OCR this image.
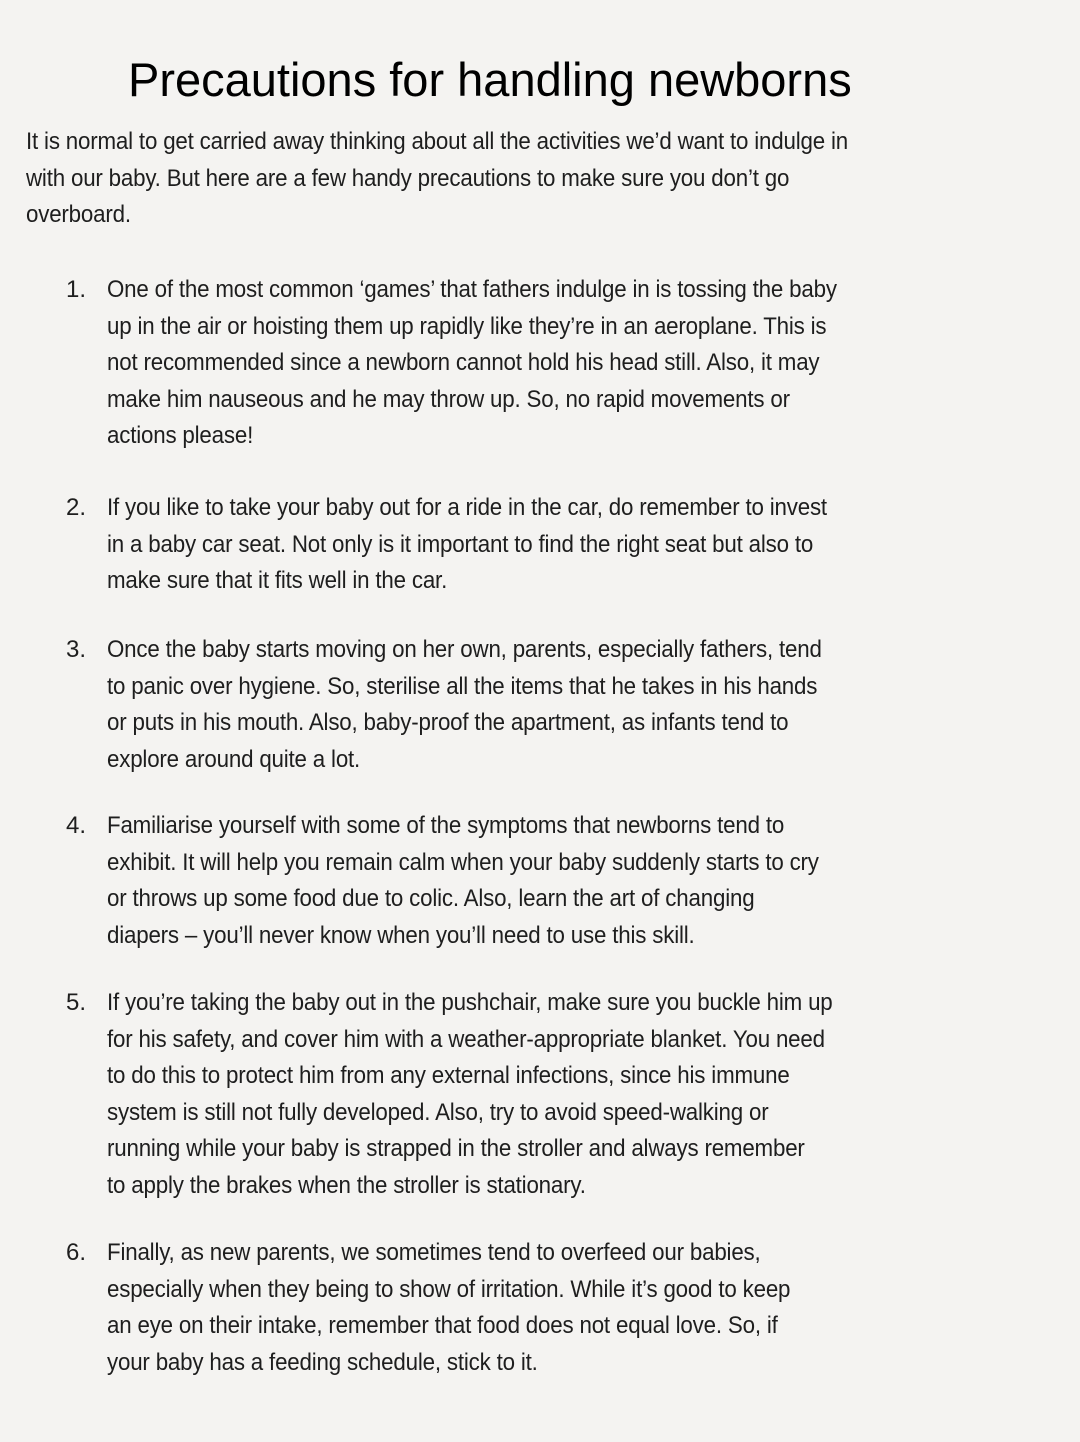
Precautions for handling newborns
It is normal to get carried away thinking about all the activities we’d want to indulge in
with our baby. But here are a few handy precautions to make sure you don’t go
overboard.
1. One of the most common ‘games’ that fathers indulge in is tossing the baby
up in the air or hoisting them up rapidly like they’re in an aeroplane. This is
not recommended since a newborn cannot hold his head still. Also, it may
make him nauseous and he may throw up. So, no rapid movements or
actions please!
2. If you like to take your baby out for a ride in the car, do remember to invest
in a baby car seat. Not only is it important to find the right seat but also to
make sure that it fits well in the car.
3. Once the baby starts moving on her own, parents, especially fathers, tend
to panic over hygiene. So, sterilise all the items that he takes in his hands
or puts in his mouth. Also, baby-proof the apartment, as infants tend to
explore around quite a lot.
4. Familiarise yourself with some of the symptoms that newborns tend to
exhibit. It will help you remain calm when your baby suddenly starts to cry
or throws up some food due to colic. Also, learn the art of changing
diapers – you’ll never know when you’ll need to use this skill.
5. If you’re taking the baby out in the pushchair, make sure you buckle him up
for his safety, and cover him with a weather-appropriate blanket. You need
to do this to protect him from any external infections, since his immune
system is still not fully developed. Also, try to avoid speed-walking or
running while your baby is strapped in the stroller and always remember
to apply the brakes when the stroller is stationary.
6. Finally, as new parents, we sometimes tend to overfeed our babies,
especially when they being to show of irritation. While it’s good to keep
an eye on their intake, remember that food does not equal love. So, if
your baby has a feeding schedule, stick to it.
